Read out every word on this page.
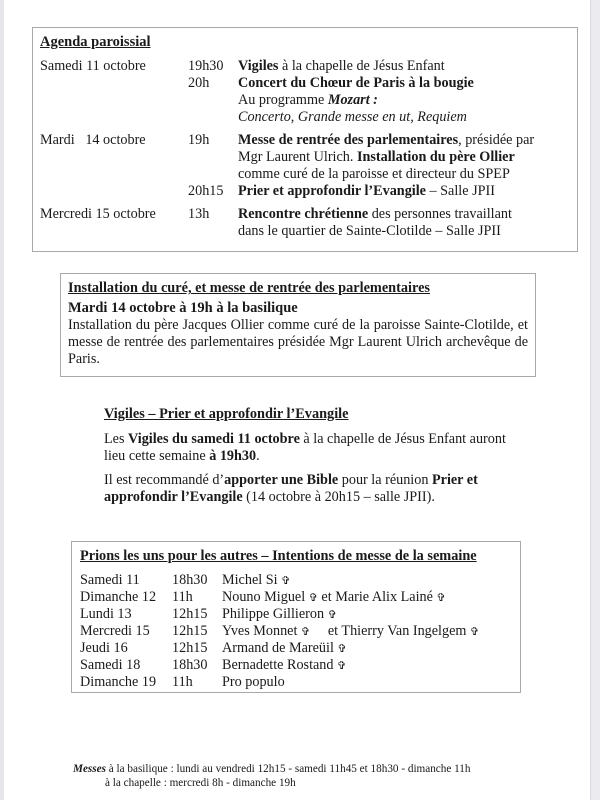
Agenda paroissial
Samedi 11 octobre	19h30 Vigiles à la chapelle de Jésus Enfant
20h Concert du Chœur de Paris à la bougie
Au programme Mozart :
Concerto, Grande messe en ut, Requiem
Mardi   14 octobre	19h Messe de rentrée des parlementaires, présidée par
Mgr Laurent Ulrich. Installation du père Ollier
comme curé de la paroisse et directeur du SPEP
20h15 Prier et approfondir l’Evangile – Salle JPII
Mercredi 15 octobre 13h Rencontre chrétienne des personnes travaillant
dans le quartier de Sainte-Clotilde – Salle JPII
Installation du curé, et messe de rentrée des parlementaires
Mardi 14 octobre à 19h à la basilique
Installation du père Jacques Ollier comme curé de la paroisse Sainte-Clotilde, et messe de rentrée des parlementaires présidée Mgr Laurent Ulrich archevêque de Paris.
Vigiles – Prier et approfondir l’Evangile

Les Vigiles du samedi 11 octobre à la chapelle de Jésus Enfant auront lieu cette semaine à 19h30.

Il est recommandé d’apporter une Bible pour la réunion Prier et approfondir l’Evangile (14 octobre à 20h15 – salle JPII).

Prions les uns pour les autres – Intentions de messe de la semaine
Samedi 11 18h30 Michel Si ✞
Dimanche 12 11h Nouno Miguel ✞ et Marie Alix Lainé ✞
Lundi 13	12h15 Philippe Gillieron ✞
Mercredi 15 12h15 Yves Monnet ✞     et Thierry Van Ingelgem ✞
Jeudi 16	12h15 Armand de Mareüil ✞
Samedi 18 18h30 Bernadette Rostand ✞
Dimanche 19 11h Pro populo
Messes à la basilique : lundi au vendredi 12h15 - samedi 11h45 et 18h30 - dimanche 11h
à la chapelle : mercredi 8h - dimanche 19h
